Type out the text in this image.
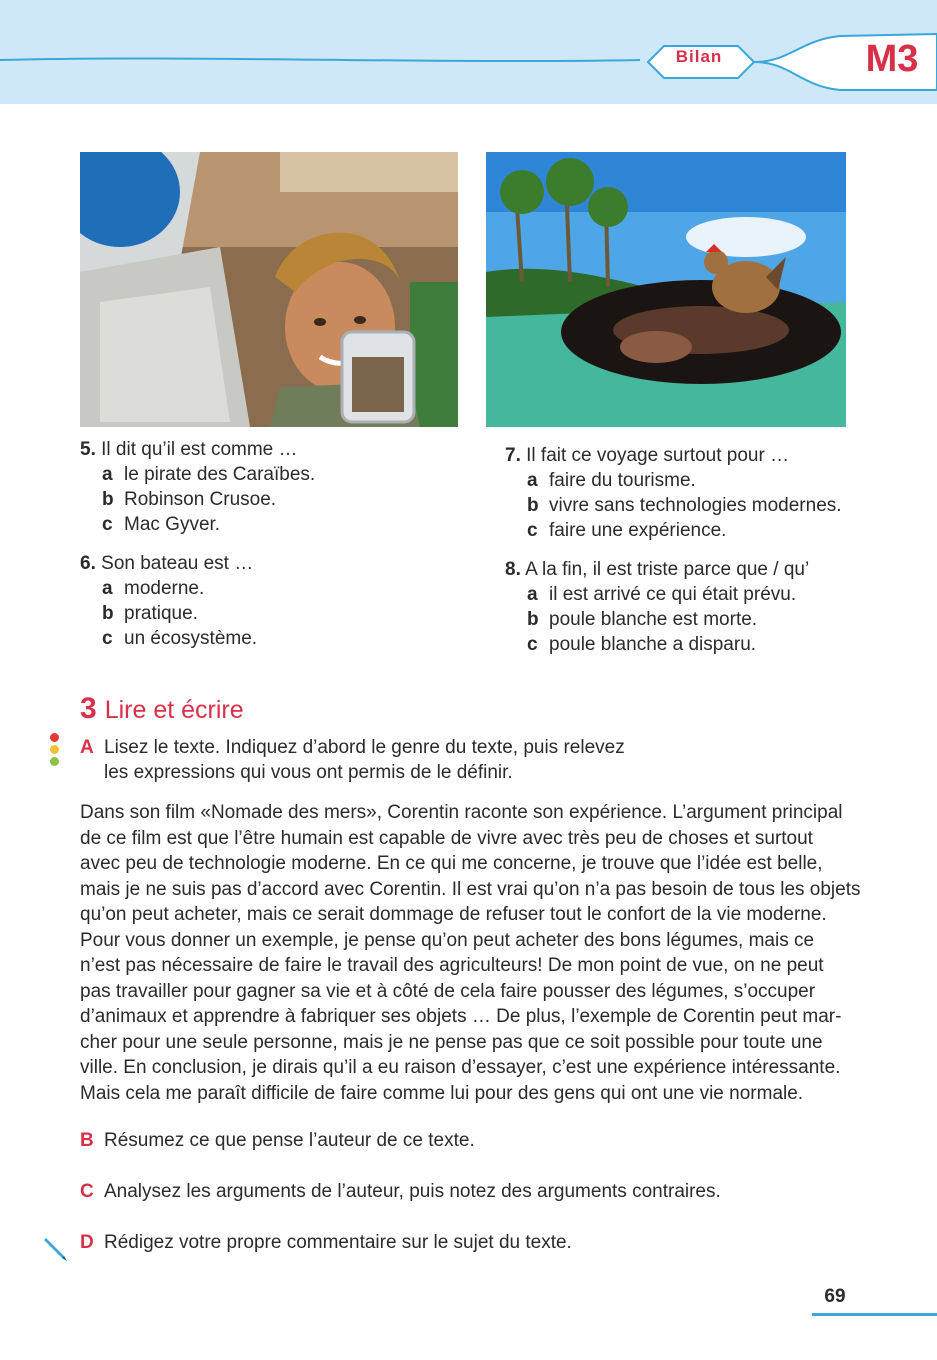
Bilan	M3
5. Il dit qu’il est comme …
a le pirate des Caraïbes.
b Robinson Crusoe.
c Mac Gyver.
6. Son bateau est …
a moderne.
b pratique.
c un écosystème.
7. Il fait ce voyage surtout pour …
a faire du tourisme.
b vivre sans technologies modernes.
c faire une expérience.
8. A la fin, il est triste parce que / qu’
a il est arrivé ce qui était prévu.
b poule blanche est morte.
c poule blanche a disparu.
3 Lire et écrire
A Lisez le texte. Indiquez d’abord le genre du texte, puis relevez
les expressions qui vous ont permis de le définir.
Dans son film «Nomade des mers», Corentin raconte son expérience. L’argument principal
de ce film est que l’être humain est capable de vivre avec très peu de choses et surtout
avec peu de technologie moderne. En ce qui me concerne, je trouve que l’idée est belle,
mais je ne suis pas d’accord avec Corentin. Il est vrai qu’on n’a pas besoin de tous les objets
qu’on peut acheter, mais ce serait dommage de refuser tout le confort de la vie moderne.
Pour vous donner un exemple, je pense qu’on peut acheter des bons légumes, mais ce
n’est pas nécessaire de faire le travail des agriculteurs! De mon point de vue, on ne peut
pas travailler pour gagner sa vie et à côté de cela faire pousser des légumes, s’occuper
d’animaux et apprendre à fabriquer ses objets … De plus, l’exemple de Corentin peut mar-
cher pour une seule personne, mais je ne pense pas que ce soit possible pour toute une
ville. En conclusion, je dirais qu’il a eu raison d’essayer, c’est une expérience intéressante.
Mais cela me paraît difficile de faire comme lui pour des gens qui ont une vie normale.
B Résumez ce que pense l’auteur de ce texte.
C Analysez les arguments de l’auteur, puis notez des arguments contraires.
D Rédigez votre propre commentaire sur le sujet du texte.
69
